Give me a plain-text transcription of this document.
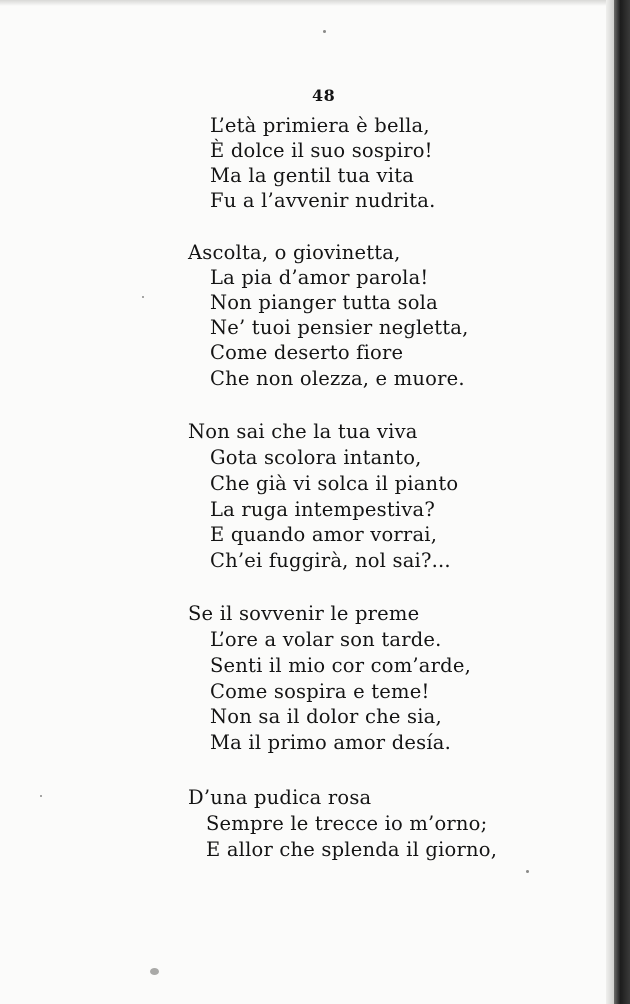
48
L’età primiera è bella,
È dolce il suo sospiro!
Ma la gentil tua vita
Fu a l’avvenir nudrita.
Ascolta, o giovinetta,
La pia d’amor parola!
Non pianger tutta sola
Ne’ tuoi pensier negletta,
Come deserto fiore
Che non olezza, e muore.
Non sai che la tua viva
Gota scolora intanto,
Che già vi solca il pianto
La ruga intempestiva?
E quando amor vorrai,
Ch’ei fuggirà, nol sai?...
Se il sovvenir le preme
L’ore a volar son tarde.
Senti il mio cor com’arde,
Come sospira e teme!
Non sa il dolor che sia,
Ma il primo amor desía.
D’una pudica rosa
Sempre le trecce io m’orno;
E allor che splenda il giorno,
